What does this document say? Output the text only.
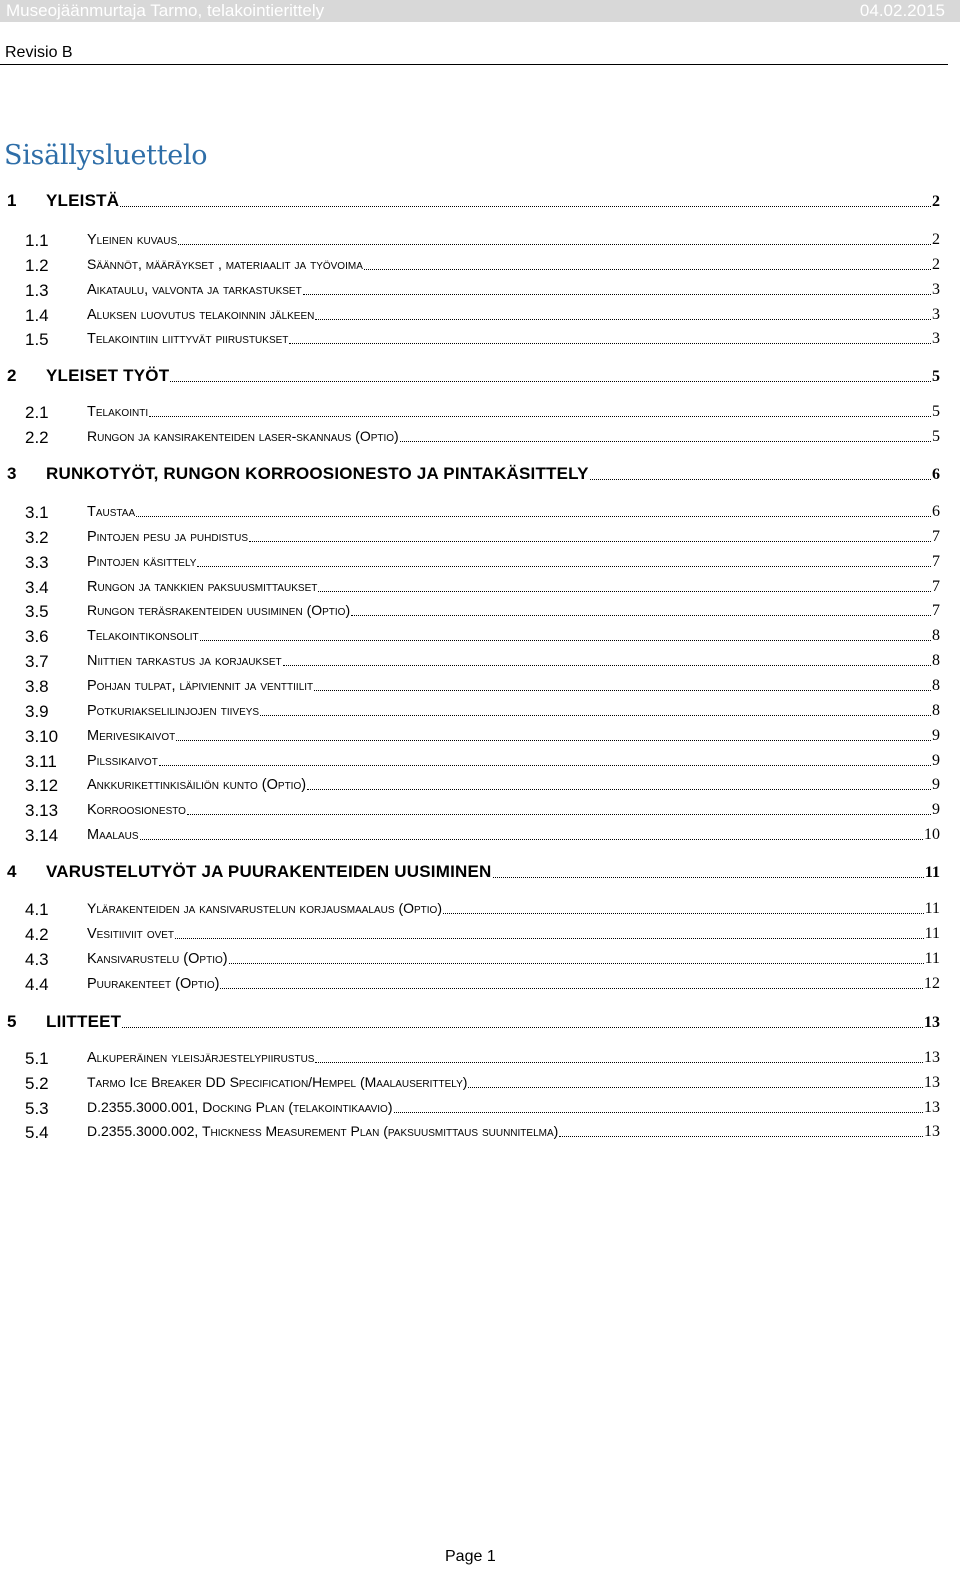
Museojäänmurtaja Tarmo, telakointierittely	04.02.2015
Revisio B
Sisällysluettelo
1 YLEISTÄ	2
1.1	Yleinen kuvaus	2
1.2	Säännöt, määräykset , materiaalit ja työvoima	2
1.3	Aikataulu, valvonta ja tarkastukset	3
1.4	Aluksen luovutus telakoinnin jälkeen	3
1.5	Telakointiin liittyvät piirustukset	3
2 YLEISET TYÖT	5
2.1	Telakointi	5
2.2	Rungon ja kansirakenteiden laser-skannaus (Optio)	5
3 RUNKOTYÖT, RUNGON KORROOSIONESTO JA PINTAKÄSITTELY	6
3.1	Taustaa	6
3.2	Pintojen pesu ja puhdistus	7
3.3	Pintojen käsittely	7
3.4	Rungon ja tankkien paksuusmittaukset	7
3.5	Rungon teräsrakenteiden uusiminen (Optio)	7
3.6	Telakointikonsolit	8
3.7	Niittien tarkastus ja korjaukset	8
3.8	Pohjan tulpat, läpiviennit ja venttiilit	8
3.9	Potkuriakselilinjojen tiiveys	8
3.10 Merivesikaivot	9
3.11 Pilssikaivot	9
3.12 Ankkurikettinkisäiliön kunto (Optio)	9
3.13 Korroosionesto	9
3.14 Maalaus	10
4 VARUSTELUTYÖT JA PUURAKENTEIDEN UUSIMINEN	11
4.1	Ylärakenteiden ja kansivarustelun korjausmaalaus (Optio)	11
4.2	Vesitiiviit ovet	11
4.3	Kansivarustelu (Optio)	11
4.4	Puurakenteet (Optio)	12
5 LIITTEET	13
5.1	Alkuperäinen yleisjärjestelypiirustus	13
5.2	Tarmo Ice Breaker DD Specification/Hempel (Maalauserittely)	13
5.3	D.2355.3000.001, Docking Plan (telakointikaavio)	13
5.4	D.2355.3000.002, Thickness Measurement Plan (paksuusmittaus suunnitelma)	13
Page 1
